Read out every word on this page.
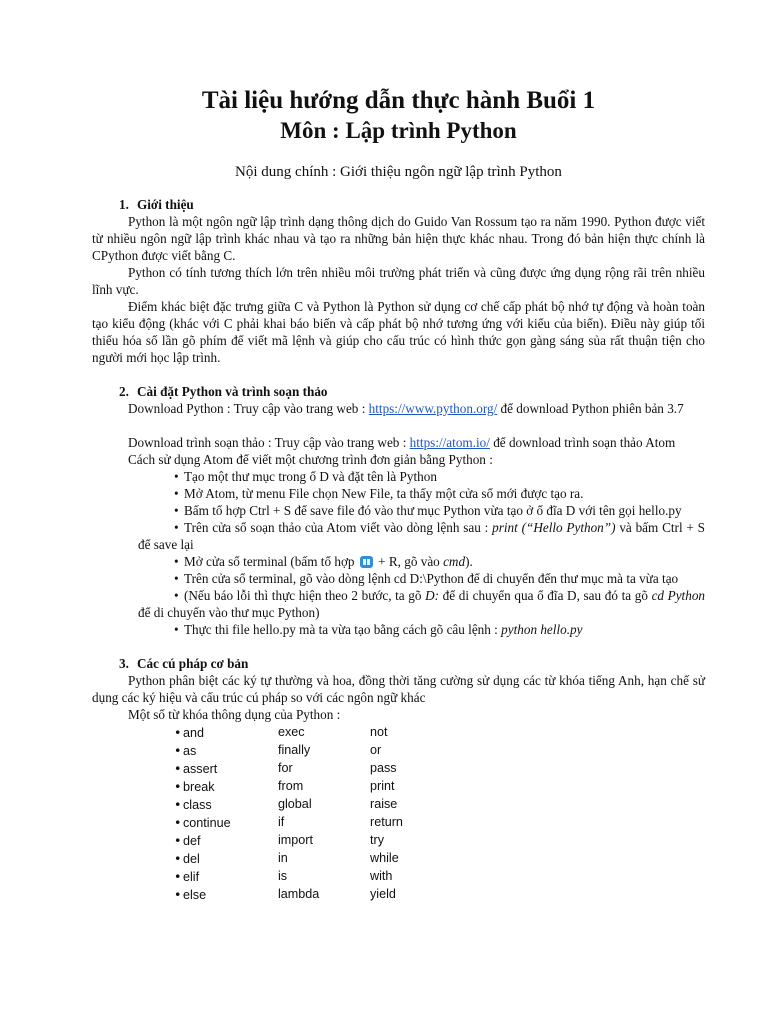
Tài liệu hướng dẫn thực hành Buổi 1

Môn : Lập trình Python

Nội dung chính : Giới thiệu ngôn ngữ lập trình Python

1. Giới thiệu

Python là một ngôn ngữ lập trình dạng thông dịch do Guido Van Rossum tạo ra năm 1990. Python được viết từ nhiều ngôn ngữ lập trình khác nhau và tạo ra những bản hiện thực khác nhau. Trong đó bản hiện thực chính là CPython được viết bằng C.

Python có tính tương thích lớn trên nhiều môi trường phát triển và cũng được ứng dụng rộng rãi trên nhiều lĩnh vực.

Điểm khác biệt đặc trưng giữa C và Python là Python sử dụng cơ chế cấp phát bộ nhớ tự động và hoàn toàn tạo kiểu động (khác với C phải khai báo biến và cấp phát bộ nhớ tương ứng với kiểu của biến). Điều này giúp tối thiểu hóa số lần gõ phím để viết mã lệnh và giúp cho cấu trúc có hình thức gọn gàng sáng sủa rất thuận tiện cho người mới học lập trình.

2. Cài đặt Python và trình soạn thảo

Download Python : Truy cập vào trang web : https://www.python.org/ để download Python phiên bản 3.7

Download trình soạn thảo : Truy cập vào trang web : https://atom.io/ để download trình soạn thảo Atom

Cách sử dụng Atom để viết một chương trình đơn giản bằng Python :

• Tạo một thư mục trong ổ D và đặt tên là Python
• Mở Atom, từ menu File chọn New File, ta thấy một cửa sổ mới được tạo ra.
• Bấm tổ hợp Ctrl + S để save file đó vào thư mục Python vừa tạo ở ổ đĩa D với tên gọi hello.py
• Trên cửa sổ soạn thảo của Atom viết vào dòng lệnh sau : print (“Hello Python”) và bấm Ctrl + S để save lại
• Mở cửa sổ terminal (bấm tổ hợp  + R, gõ vào cmd).
• Trên cửa sổ terminal, gõ vào dòng lệnh cd D:\Python để di chuyển đến thư mục mà ta vừa tạo
• (Nếu báo lỗi thì thực hiện theo 2 bước, ta gõ D: để di chuyển qua ổ đĩa D, sau đó ta gõ cd Python để di chuyển vào thư mục Python)
• Thực thi file hello.py mà ta vừa tạo bằng cách gõ câu lệnh : python hello.py
3. Các cú pháp cơ bản

Python phân biệt các ký tự thường và hoa, đồng thời tăng cường sử dụng các từ khóa tiếng Anh, hạn chế sử dụng các ký hiệu và cấu trúc cú pháp so với các ngôn ngữ khác

Một số từ khóa thông dụng của Python :

• and	exec	not
• as	finally	or
• assert	for	pass
• break	from	print
• class	global	raise
• continue	if	return
• def	import	try
• del	in	while
• elif	is	with
• else	lambda	yield
